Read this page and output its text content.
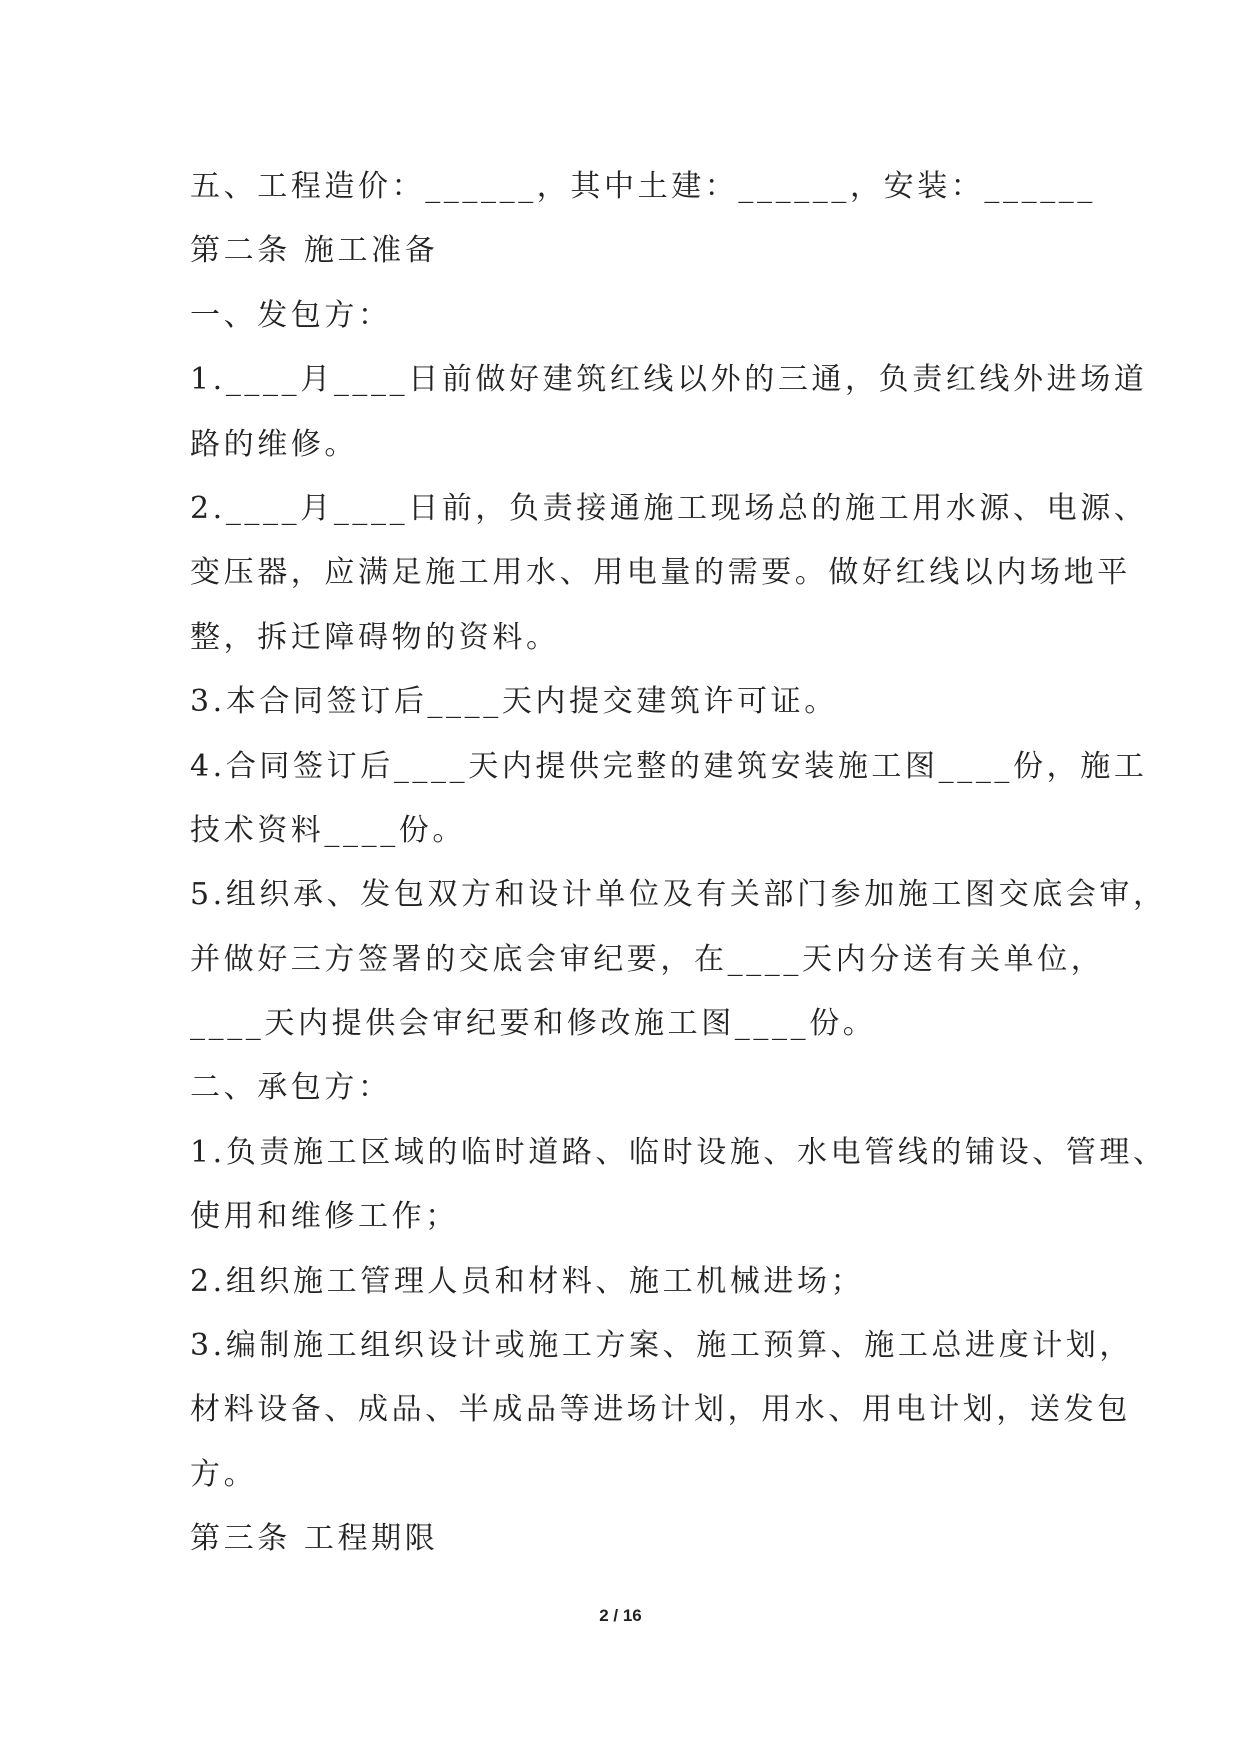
五、工程造价：______，其中土建：______，安装：______
第二条 施工准备
一、发包方：
1.____月____日前做好建筑红线以外的三通，负责红线外进场道
路的维修。
2.____月____日前，负责接通施工现场总的施工用水源、电源、
变压器，应满足施工用水、用电量的需要。做好红线以内场地平
整，拆迁障碍物的资料。
3.本合同签订后____天内提交建筑许可证。
4.合同签订后____天内提供完整的建筑安装施工图____份，施工
技术资料____份。
5.组织承、发包双方和设计单位及有关部门参加施工图交底会审，
并做好三方签署的交底会审纪要，在____天内分送有关单位，
____天内提供会审纪要和修改施工图____份。
二、承包方：
1.负责施工区域的临时道路、临时设施、水电管线的铺设、管理、
使用和维修工作；
2.组织施工管理人员和材料、施工机械进场；
3.编制施工组织设计或施工方案、施工预算、施工总进度计划，
材料设备、成品、半成品等进场计划，用水、用电计划，送发包
方。
第三条 工程期限
2 / 16
